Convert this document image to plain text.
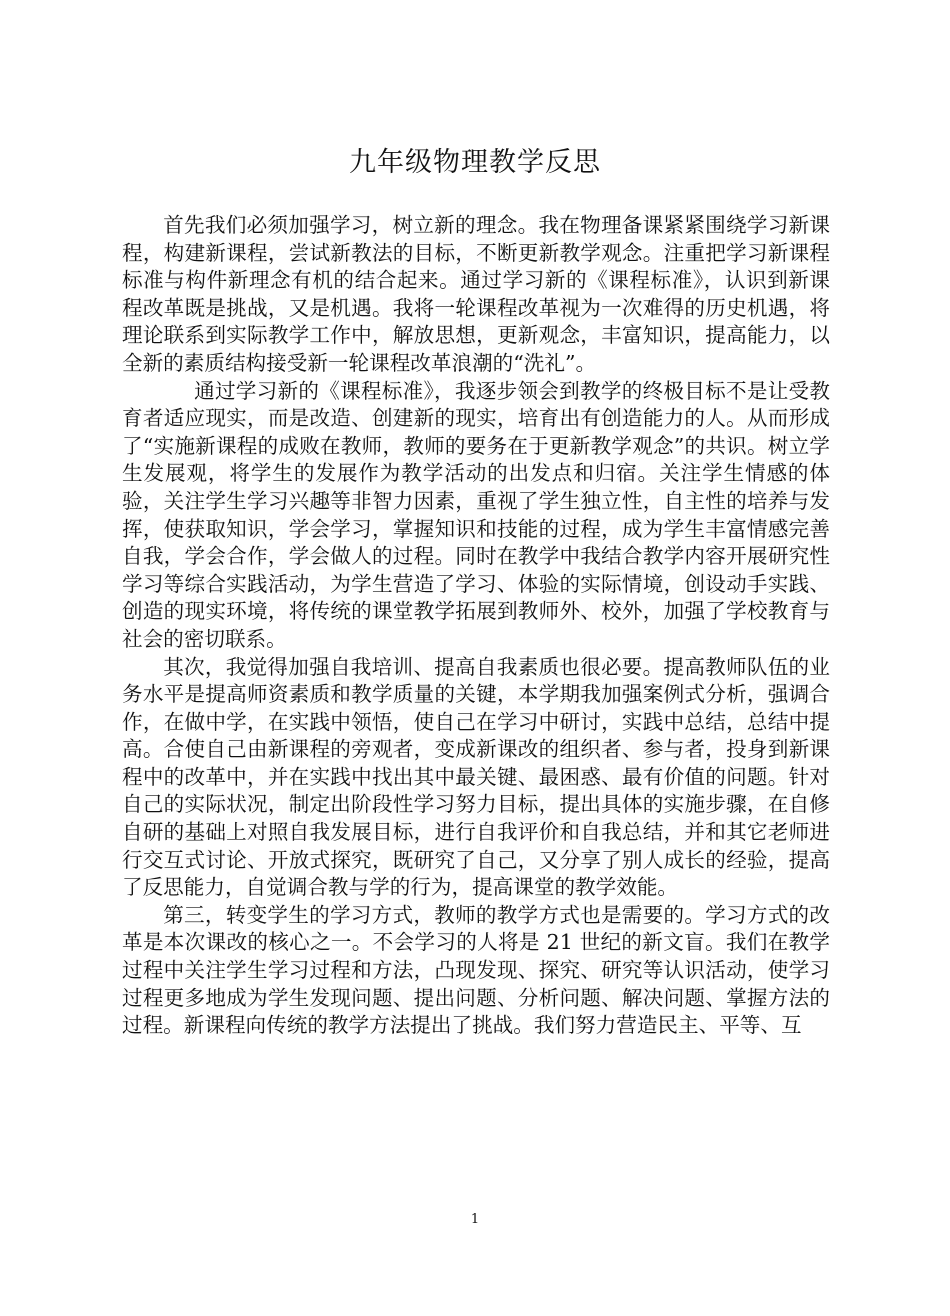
九年级物理教学反思

首先我们必须加强学习，树立新的理念。我在物理备课紧紧围绕学习新课程，构建新课程，尝试新教法的目标，不断更新教学观念。注重把学习新课程标准与构件新理念有机的结合起来。通过学习新的《课程标准》，认识到新课程改革既是挑战，又是机遇。我将一轮课程改革视为一次难得的历史机遇，将理论联系到实际教学工作中，解放思想，更新观念，丰富知识，提高能力，以全新的素质结构接受新一轮课程改革浪潮的“洗礼”。

通过学习新的《课程标准》，我逐步领会到教学的终极目标不是让受教育者适应现实，而是改造、创建新的现实，培育出有创造能力的人。从而形成了“实施新课程的成败在教师，教师的要务在于更新教学观念”的共识。树立学生发展观，将学生的发展作为教学活动的出发点和归宿。关注学生情感的体验，关注学生学习兴趣等非智力因素，重视了学生独立性，自主性的培养与发挥，使获取知识，学会学习，掌握知识和技能的过程，成为学生丰富情感完善自我，学会合作，学会做人的过程。同时在教学中我结合教学内容开展研究性学习等综合实践活动，为学生营造了学习、体验的实际情境，创设动手实践、创造的现实环境，将传统的课堂教学拓展到教师外、校外，加强了学校教育与社会的密切联系。

其次，我觉得加强自我培训、提高自我素质也很必要。提高教师队伍的业务水平是提高师资素质和教学质量的关键，本学期我加强案例式分析，强调合作，在做中学，在实践中领悟，使自己在学习中研讨，实践中总结，总结中提高。合使自己由新课程的旁观者，变成新课改的组织者、参与者，投身到新课程中的改革中，并在实践中找出其中最关键、最困惑、最有价值的问题。针对自己的实际状况，制定出阶段性学习努力目标，提出具体的实施步骤，在自修自研的基础上对照自我发展目标，进行自我评价和自我总结，并和其它老师进行交互式讨论、开放式探究，既研究了自己，又分享了别人成长的经验，提高了反思能力，自觉调合教与学的行为，提高课堂的教学效能。

第三，转变学生的学习方式，教师的教学方式也是需要的。学习方式的改革是本次课改的核心之一。不会学习的人将是 21 世纪的新文盲。我们在教学过程中关注学生学习过程和方法，凸现发现、探究、研究等认识活动，使学习过程更多地成为学生发现问题、提出问题、分析问题、解决问题、掌握方法的过程。新课程向传统的教学方法提出了挑战。我们努力营造民主、平等、互

1
